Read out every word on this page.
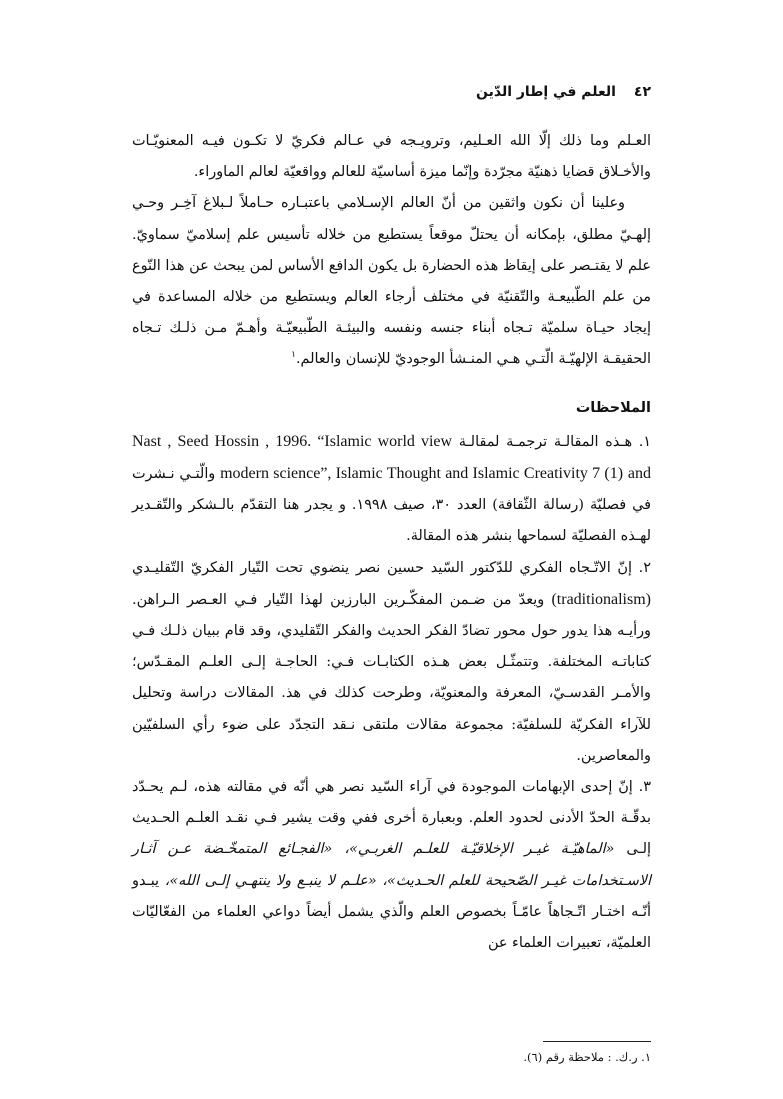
٤٢
العلم في إطار الدّين

العـلم وما ذلك إلّا الله العـليم، وترويـجه في عـالم فكريّ لا تكـون فيـه المعنويّـات والأخـلاق قضايا ذهنيّة مجرّدة وإنّما ميزة أساسيّة للعالم وواقعيّة لعالم الماوراء.

وعلينا أن نكون واثقين من أنّ العالم الإسـلامي باعتبـاره حـاملاً لـبلاغ آخِـر وحـي إلهـيّ مطلق، بإمكانه أن يحتلّ موقعاً يستطيع من خلاله تأسيس علم إسلاميّ سماويّ. علم لا يقتـصر على إيقاظ هذه الحضارة بل يكون الدافع الأساس لمن يبحث عن هذا النّوع من علم الطّبيعـة والتّقنيّة في مختلف أرجاء العالم ويستطيع من خلاله المساعدة في إيجاد حيـاة سلميّة تـجاه أبناء جنسه ونفسه والبيئـة الطّبيعيّـة وأهـمّ مـن ذلـك تـجاه الحقيقـة الإلهيّـة الّتـي هـي المنـشأ الوجوديّ للإنسان والعالم.$^١$

الملاحظات

١. هـذه المقالـة ترجمـة لمقالـة Nast , Seed Hossin , 1996. “Islamic world view and modern science”, Islamic Thought and Islamic Creativity 7 (1) والّتـي نـشرت في فصليّة (رسالة الثّقافة) العدد ٣٠، صيف ١٩٩٨. و يجدر هنا التقدّم بالـشكر والتّقـدير لهـذه الفصليّة لسماحها بنشر هذه المقالة.

٢. إنّ الاتّـجاه الفكري للدّكتور السّيد حسين نصر ينضوي تحت التّيار الفكريّ التّقليـدي (traditionalism) ويعدّ من ضـمن المفكّـرين البارزين لهذا التّيار فـي العـصر الـراهن. ورأيـه هذا يدور حول محور تضادّ الفكر الحديث والفكر التّقليدي، وقد قام ببيان ذلـك فـي كتاباتـه المختلفة. وتتمثّـل بعض هـذه الكتابـات فـي: الحاجـة إلـى العلـم المقـدّس؛ والأمـر القدسـيّ، المعرفة والمعنويّة، وطرحت كذلك في هذ. المقالات دراسة وتحليل للآراء الفكريّة للسلفيّة: مجموعة مقالات ملتقى نـقد التجدّد على ضوء رأي السلفيّين والمعاصرين.

٣. إنّ إحدى الإبهامات الموجودة في آراء السّيد نصر هي أنّه في مقالته هذه، لـم يحـدّد بدقّـة الحدّ الأدنى لحدود العلم. وبعبارة أخرى ففي وقت يشير فـي نقـد العلـم الحـديث إلـى «الماهيّـة غيـر الإخلاقيّـة للعلـم الغربـي»، «الفجـائع المتمخّـضة عـن آثـار الاسـتخدامات غيـر الصّحيحة للعلم الحـديث»، «علـم لا ينبـع ولا ينتهـي إلـى الله»، يبـدو أنّـه اختـار اتّـجاهاً عامّـاً بخصوص العلم والّذي يشمل أيضاً دواعي العلماء من الفعّاليّات العلميّة، تعبيرات العلماء عن

١. ر.ك. : ملاحظة رقم (٦).
